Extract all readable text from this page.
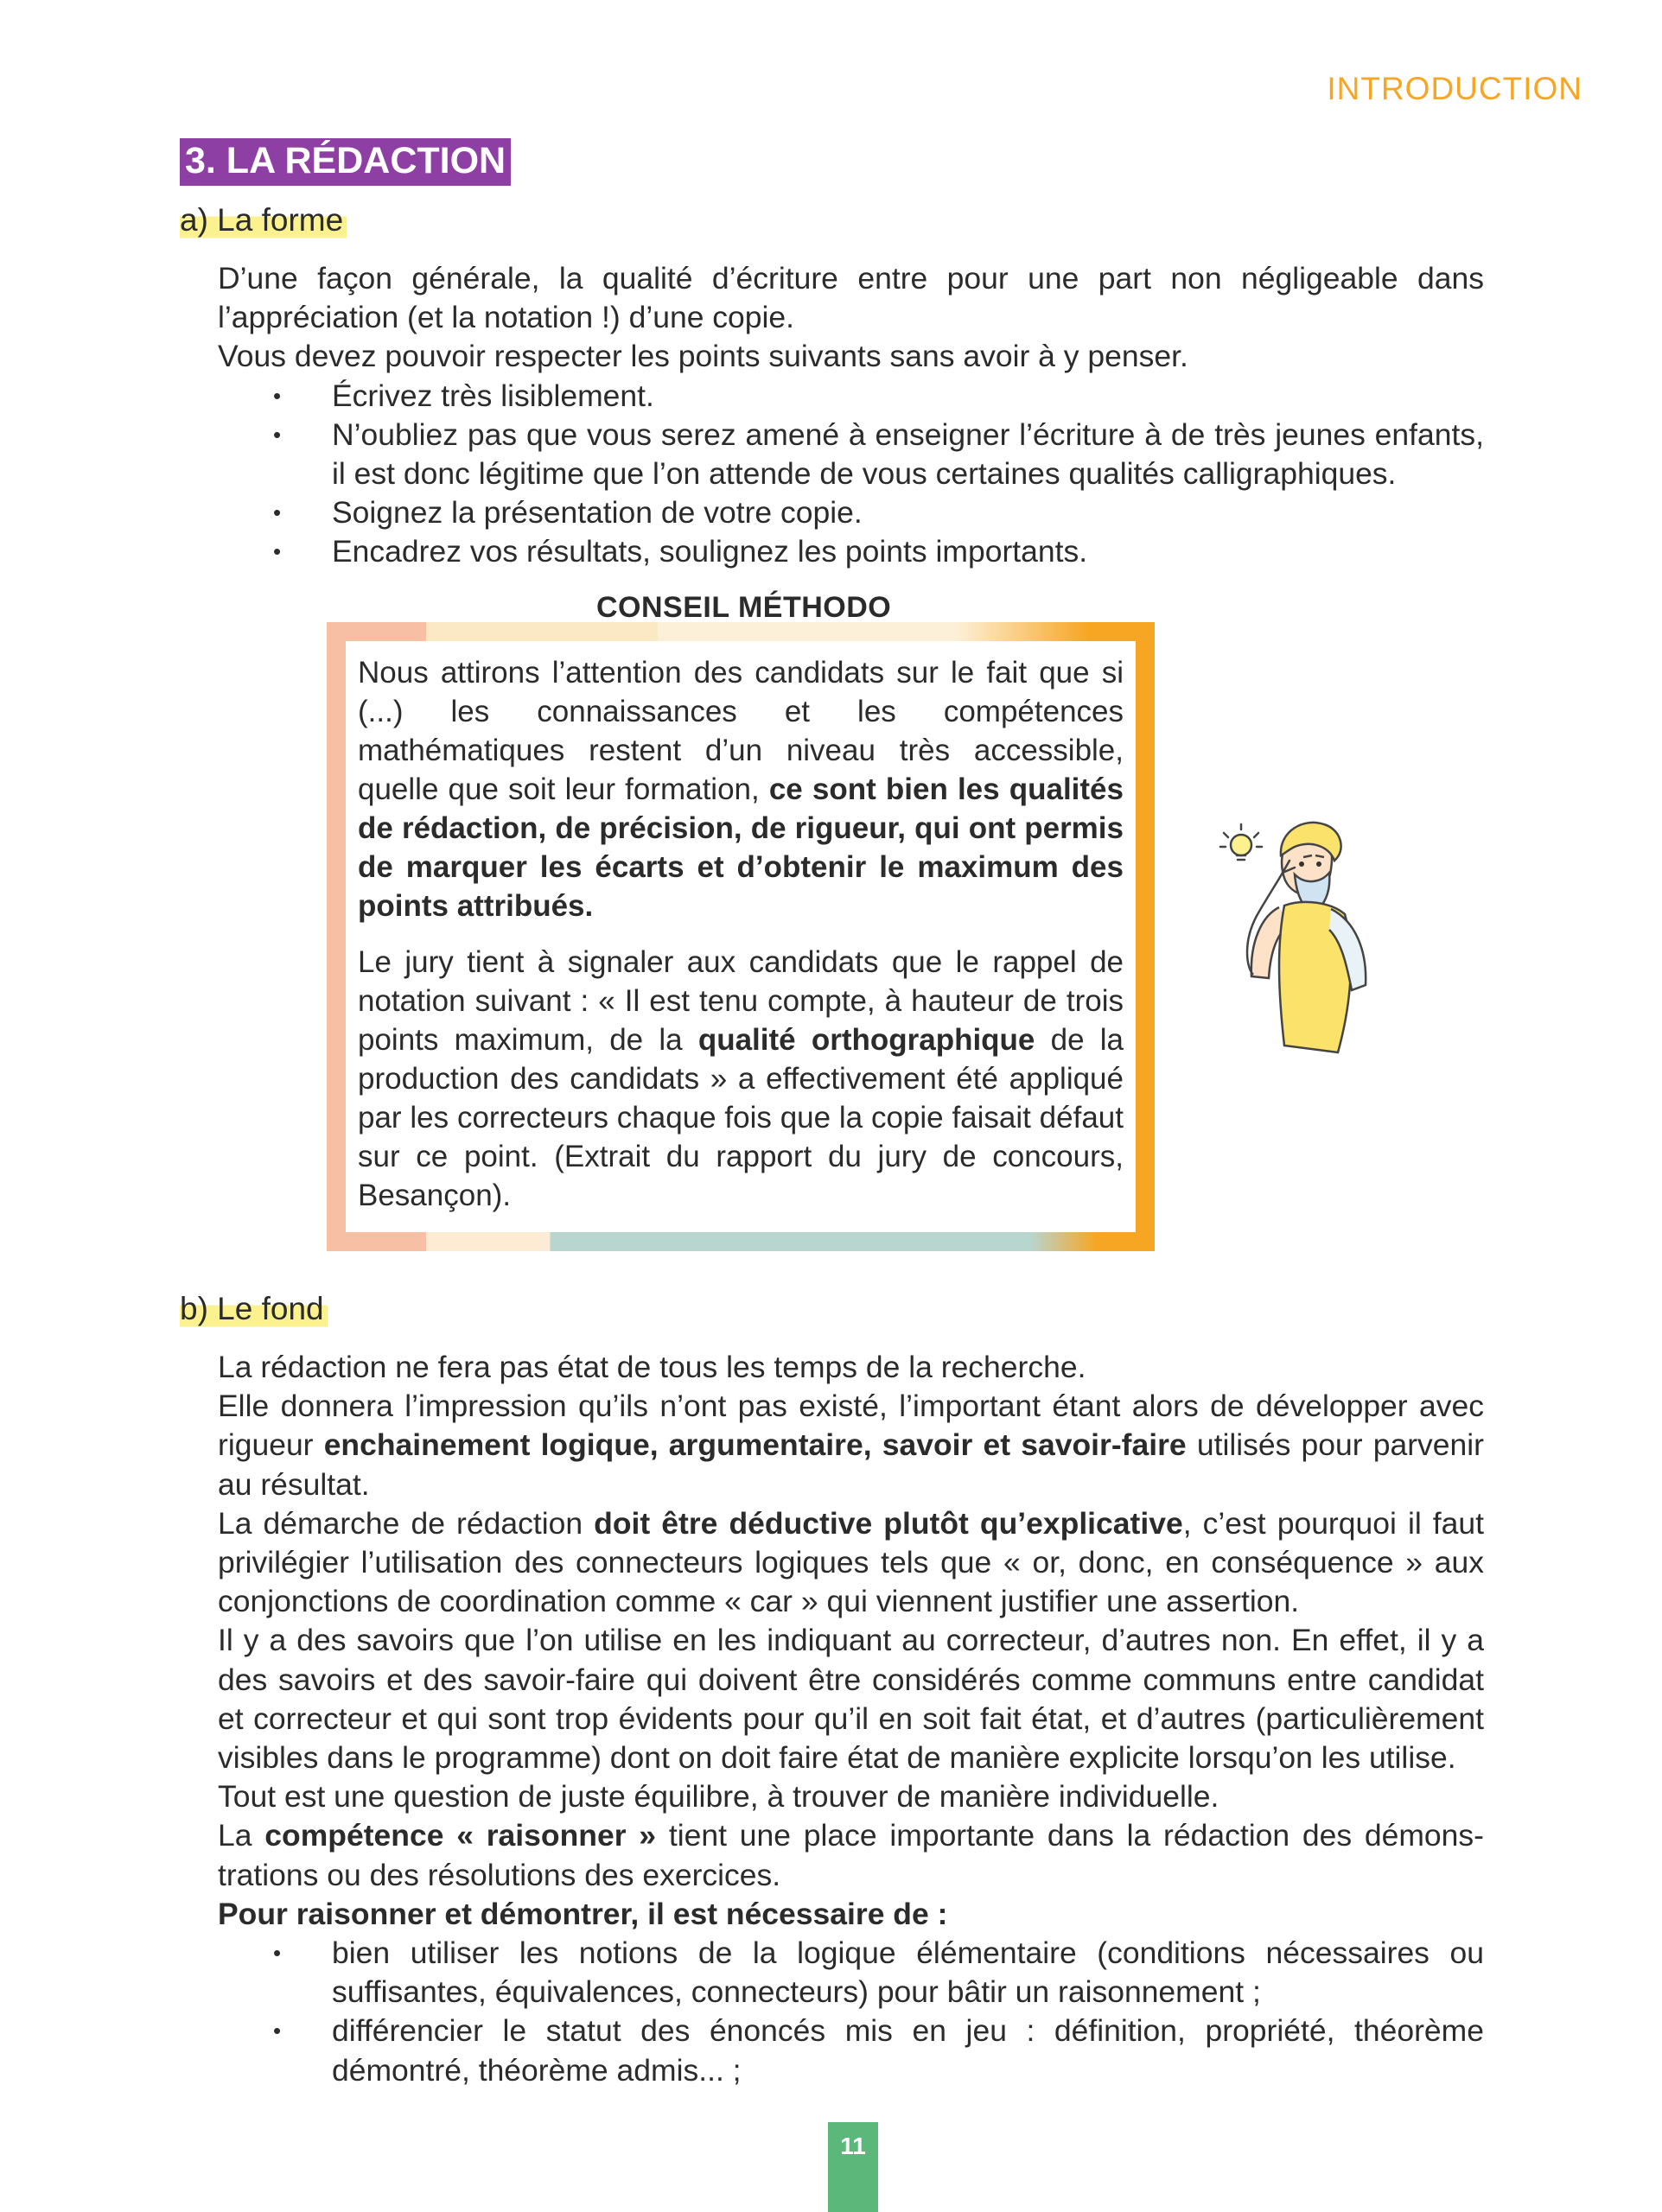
INTRODUCTION
3. LA RÉDACTION
a) La forme

D’une façon générale, la qualité d’écriture entre pour une part non négligeable dans l’appréciation (et la notation !) d’une copie.

Vous devez pouvoir respecter les points suivants sans avoir à y penser.

• Écrivez très lisiblement.
• N’oubliez pas que vous serez amené à enseigner l’écriture à de très jeunes enfants, il est donc légitime que l’on attende de vous certaines qualités calligraphiques.
• Soignez la présentation de votre copie.
• Encadrez vos résultats, soulignez les points importants.
CONSEIL MÉTHODO

Nous attirons l’attention des candidats sur le fait que si (...) les connaissances et les compétences mathématiques restent d’un niveau très accessible, quelle que soit leur formation, ce sont bien les qualités de rédaction, de précision, de rigueur, qui ont permis de marquer les écarts et d’obtenir le maximum des points attribués.

Le jury tient à signaler aux candidats que le rappel de notation suivant : « Il est tenu compte, à hauteur de trois points maximum, de la qualité orthographique de la production des candidats » a effectivement été appliqué par les correcteurs chaque fois que la copie faisait défaut sur ce point. (Extrait du rapport du jury de concours, Besançon).

b) Le fond

La rédaction ne fera pas état de tous les temps de la recherche.

Elle donnera l’impression qu’ils n’ont pas existé, l’important étant alors de développer avec rigueur enchainement logique, argumentaire, savoir et savoir-faire utilisés pour parvenir au résultat.

La démarche de rédaction doit être déductive plutôt qu’explicative, c’est pourquoi il faut privilégier l’utilisation des connecteurs logiques tels que « or, donc, en conséquence » aux conjonctions de coordination comme « car » qui viennent justifier une assertion.

Il y a des savoirs que l’on utilise en les indiquant au correcteur, d’autres non. En effet, il y a des savoirs et des savoir-faire qui doivent être considérés comme communs entre candidat et correcteur et qui sont trop évidents pour qu’il en soit fait état, et d’autres (particulièrement visibles dans le programme) dont on doit faire état de manière explicite lorsqu’on les utilise.

Tout est une question de juste équilibre, à trouver de manière individuelle.

La compétence « raisonner » tient une place importante dans la rédaction des démons-trations ou des résolutions des exercices.

Pour raisonner et démontrer, il est nécessaire de :

• bien utiliser les notions de la logique élémentaire (conditions nécessaires ou suffisantes, équivalences, connecteurs) pour bâtir un raisonnement ;
• différencier le statut des énoncés mis en jeu : définition, propriété, théorème démontré, théorème admis... ;
11
